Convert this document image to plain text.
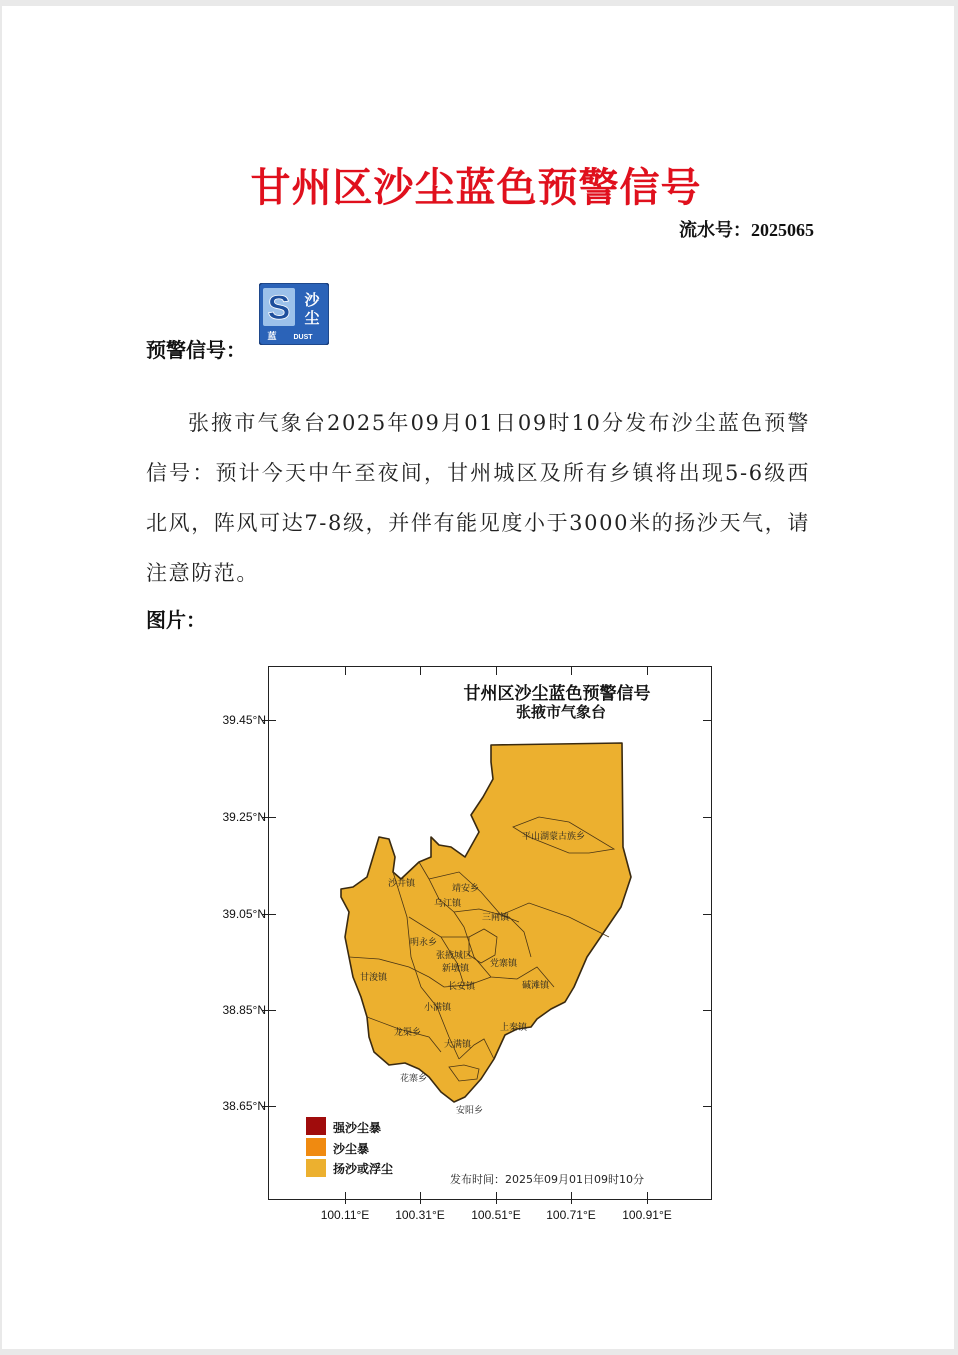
甘州区沙尘蓝色预警信号
流水号：2025065
S 沙
尘
蓝 DUST
预警信号：

张掖市气象台2025年09月01日09时10分发布沙尘蓝色预警信号：预计今天中午至夜间，甘州城区及所有乡镇将出现5-6级西北风，阵风可达7-8级，并伴有能见度小于3000米的扬沙天气，请注意防范。

图片：
甘州区沙尘蓝色预警信号
张掖市气象台
39.45°N
39.25°N
39.05°N
38.85°N
38.65°N
100.11°E	100.31°E	100.51°E	100.71°E	100.91°E
平山湖蒙古族乡
沙井镇	靖安乡
乌江镇
三闸镇
明永乡
张掖城区
新墩镇 党寨镇
甘浚镇
长安镇
小满镇
碱滩镇
上秦镇
龙渠乡
大满镇
花寨乡
安阳乡
强沙尘暴
沙尘暴
扬沙或浮尘
发布时间：2025年09月01日09时10分
